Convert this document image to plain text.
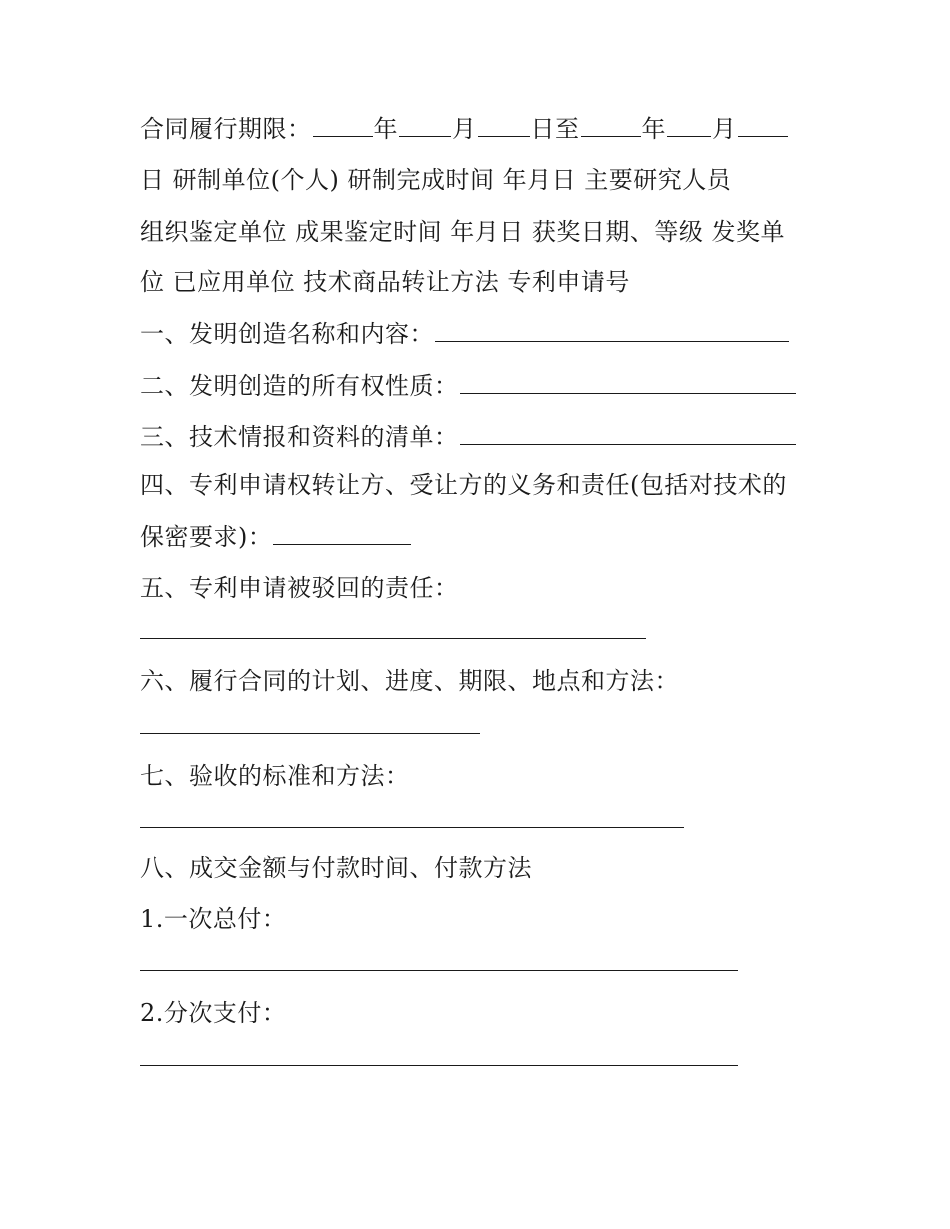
合同履行期限：	年 月 日至	年 月
日 研制单位(个人) 研制完成时间 年月日 主要研究人员
组织鉴定单位 成果鉴定时间 年月日 获奖日期、等级 发奖单
位 已应用单位 技术商品转让方法 专利申请号
一、发明创造名称和内容：
二、发明创造的所有权性质：
三、技术情报和资料的清单：
四、专利申请权转让方、受让方的义务和责任(包括对技术的
保密要求)：
五、专利申请被驳回的责任：
六、履行合同的计划、进度、期限、地点和方法：
七、验收的标准和方法：
八、成交金额与付款时间、付款方法
1.一次总付：
2.分次支付：
